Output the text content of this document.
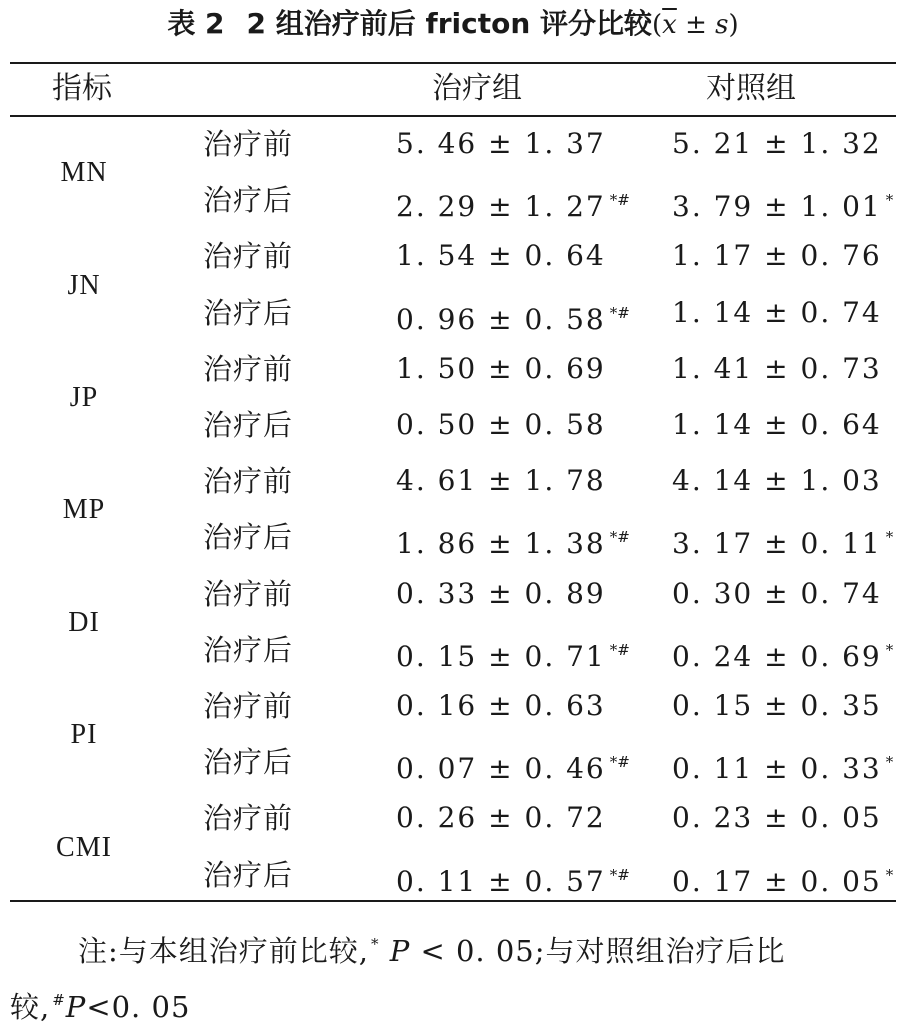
表 2 2 组治疗前后 fricton 评分比较$(\overline{x} \pm s)$
指标	治疗组	对照组
MN
治疗前	5. 46 ± 1. 37 5. 21 ± 1. 32
治疗后	2. 29 ± 1. 27 *# 3. 79 ± 1. 01 *
JN
治疗前	1. 54 ± 0. 64 1. 17 ± 0. 76
治疗后	0. 96 ± 0. 58 *# 1. 14 ± 0. 74
JP
治疗前	1. 50 ± 0. 69 1. 41 ± 0. 73
治疗后	0. 50 ± 0. 58 1. 14 ± 0. 64
MP
治疗前	4. 61 ± 1. 78 4. 14 ± 1. 03
治疗后	1. 86 ± 1. 38 *# 3. 17 ± 0. 11 *
DI
治疗前	0. 33 ± 0. 89 0. 30 ± 0. 74
治疗后	0. 15 ± 0. 71 *# 0. 24 ± 0. 69 *
PI
治疗前	0. 16 ± 0. 63 0. 15 ± 0. 35
治疗后	0. 07 ± 0. 46 *# 0. 11 ± 0. 33 *
CMI
治疗前	0. 26 ± 0. 72 0. 23 ± 0. 05
治疗后	0. 11 ± 0. 57 *# 0. 17 ± 0. 05 *
注:与本组治疗前比较, * P < 0. 05;与对照组治疗后比
较, #P<0. 05
